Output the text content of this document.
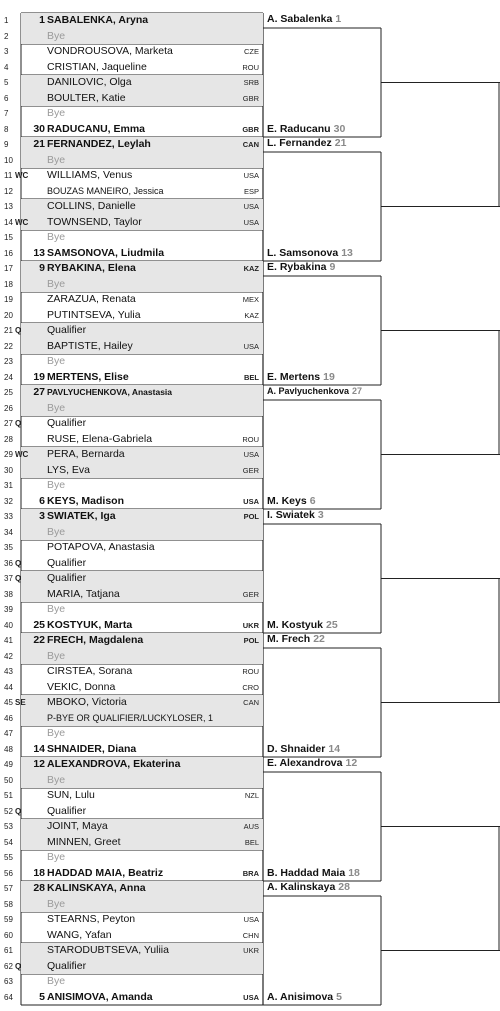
1	1 SABALENKA, Aryna
2	Bye
3	VONDROUSOVA, Marketa	CZE
4	CRISTIAN, Jaqueline	ROU
5	DANILOVIC, Olga	SRB
6	BOULTER, Katie	GBR
7	Bye
8	30 RADUCANU, Emma	GBR
9	21 FERNANDEZ, Leylah	CAN
10	Bye
11 WC WILLIAMS, Venus	USA
12	BOUZAS MANEIRO, Jessica	ESP
13	COLLINS, Danielle	USA
14 WC TOWNSEND, Taylor	USA
15	Bye
16	13 SAMSONOVA, Liudmila
17	9 RYBAKINA, Elena	KAZ
18	Bye
19	ZARAZUA, Renata	MEX
20	PUTINTSEVA, Yulia	KAZ
21 Q Qualifier
22	BAPTISTE, Hailey	USA
23	Bye
24	19 MERTENS, Elise	BEL
25	27 PAVLYUCHENKOVA, Anastasia
26	Bye
27 Q Qualifier
28	RUSE, Elena-Gabriela	ROU
29 WC PERA, Bernarda	USA
30	LYS, Eva	GER
31	Bye
32	6 KEYS, Madison	USA
33	3 SWIATEK, Iga	POL
34	Bye
35	POTAPOVA, Anastasia
36 Q Qualifier
37 Q Qualifier
38	MARIA, Tatjana	GER
39	Bye
40	25 KOSTYUK, Marta	UKR
41	22 FRECH, Magdalena	POL
42	Bye
43	CIRSTEA, Sorana	ROU
44	VEKIC, Donna	CRO
45 SE MBOKO, Victoria	CAN
46	P-BYE OR QUALIFIER/LUCKYLOSER, 1
47	Bye
48	14 SHNAIDER, Diana
49	12 ALEXANDROVA, Ekaterina
50	Bye
51	SUN, Lulu	NZL
52 Q Qualifier
53	JOINT, Maya	AUS
54	MINNEN, Greet	BEL
55	Bye
56	18 HADDAD MAIA, Beatriz	BRA
57	28 KALINSKAYA, Anna
58	Bye
59	STEARNS, Peyton	USA
60	WANG, Yafan	CHN
61	STARODUBTSEVA, Yuliia	UKR
62 Q Qualifier
63	Bye
64	5 ANISIMOVA, Amanda	USA
A. Sabalenka 1
E. Raducanu 30
L. Fernandez 21
L. Samsonova 13
E. Rybakina 9
E. Mertens 19
A. Pavlyuchenkova 27
M. Keys 6
I. Swiatek 3
M. Kostyuk 25
M. Frech 22
D. Shnaider 14
E. Alexandrova 12
B. Haddad Maia 18
A. Kalinskaya 28
A. Anisimova 5
